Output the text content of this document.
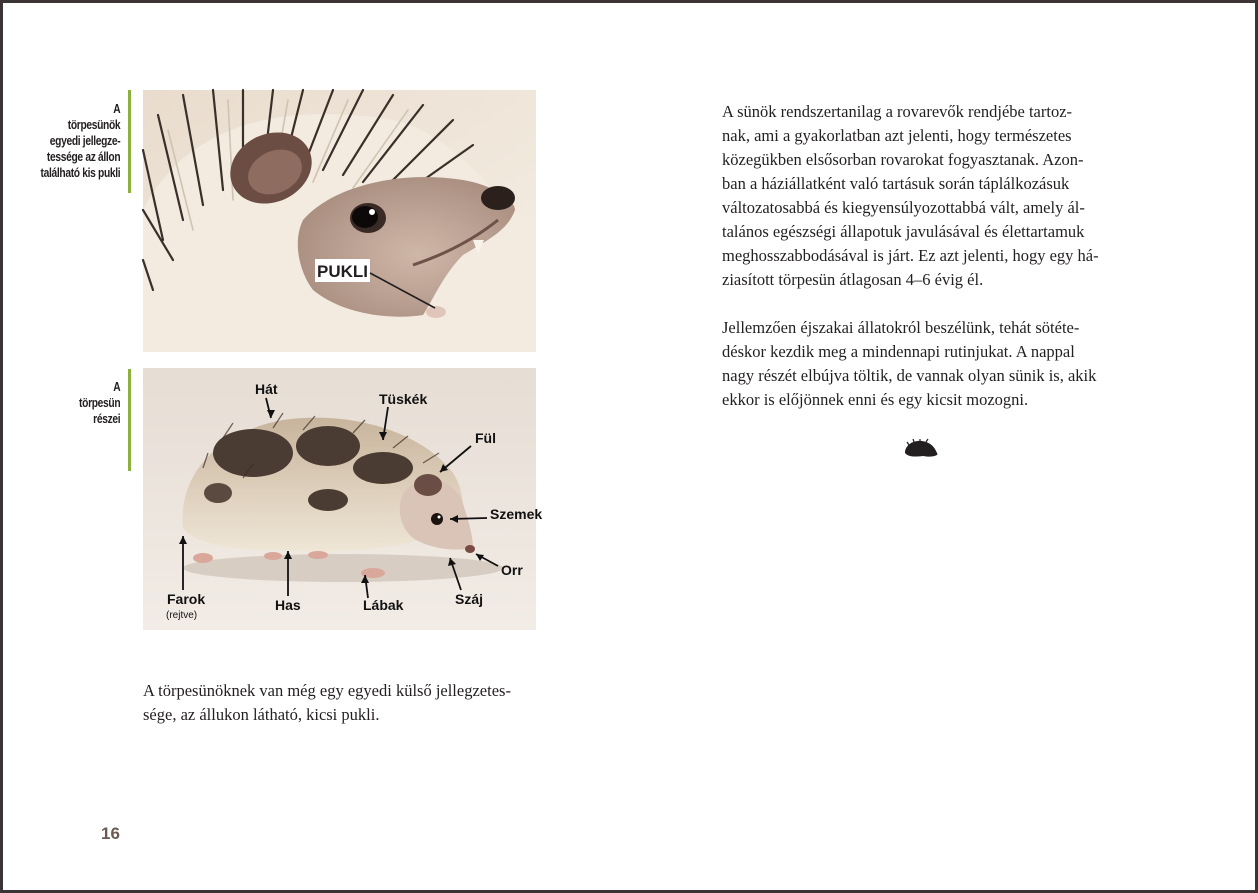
A
törpesünök
egyedi jellegze-
tessége az állon
található kis pukli
PUKLI
A
törpesün
részei
Hát
Tüskék
Fül
Szemek
Orr
Száj
Lábak
Has
Farok
(rejtve)

A törpesünöknek van még egy egyedi külső jellegzetes-
sége, az állukon látható, kicsi pukli.

A sünök rendszertanilag a rovarevők rendjébe tartoz-
nak, ami a gyakorlatban azt jelenti, hogy természetes
közegükben elsősorban rovarokat fogyasztanak. Azon-
ban a háziállatként való tartásuk során táplálkozásuk
változatosabbá és kiegyensúlyozottabbá vált, amely ál-
talános egészségi állapotuk javulásával és élettartamuk
meghosszabbodásával is járt. Ez azt jelenti, hogy egy há-
ziasított törpesün átlagosan 4–6 évig él.

Jellemzően éjszakai állatokról beszélünk, tehát sötéte-
déskor kezdik meg a mindennapi rutinjukat. A nappal
nagy részét elbújva töltik, de vannak olyan sünik is, akik
ekkor is előjönnek enni és egy kicsit mozogni.

16
